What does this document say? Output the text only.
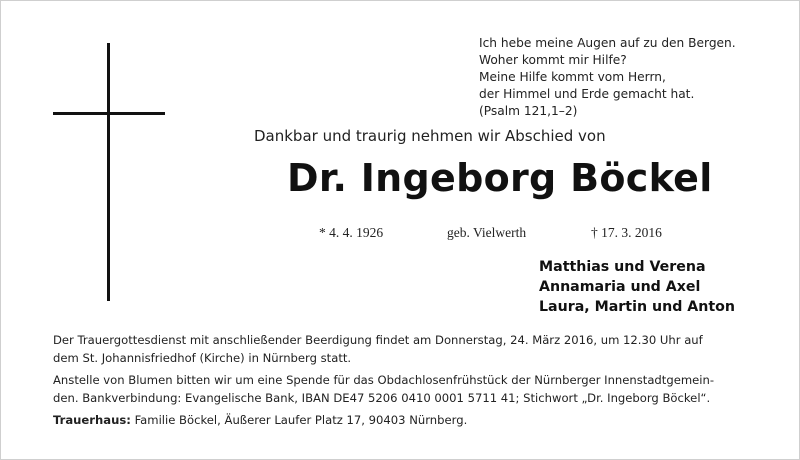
Ich hebe meine Augen auf zu den Bergen.
Woher kommt mir Hilfe?
Meine Hilfe kommt vom Herrn,
der Himmel und Erde gemacht hat.
(Psalm 121,1–2)
Dankbar und traurig nehmen wir Abschied von
Dr. Ingeborg Böckel
* 4. 4. 1926	geb. Vielwerth	† 17. 3. 2016
Matthias und Verena
Annamaria und Axel
Laura, Martin und Anton
Der Trauergottesdienst mit anschließender Beerdigung findet am Donnerstag, 24. März 2016, um 12.30 Uhr auf
dem St. Johannisfriedhof (Kirche) in Nürnberg statt.
Anstelle von Blumen bitten wir um eine Spende für das Obdachlosenfrühstück der Nürnberger Innenstadtgemein-
den. Bankverbindung: Evangelische Bank, IBAN DE47 5206 0410 0001 5711 41; Stichwort „Dr. Ingeborg Böckel“.
Trauerhaus: Familie Böckel, Äußerer Laufer Platz 17, 90403 Nürnberg.
